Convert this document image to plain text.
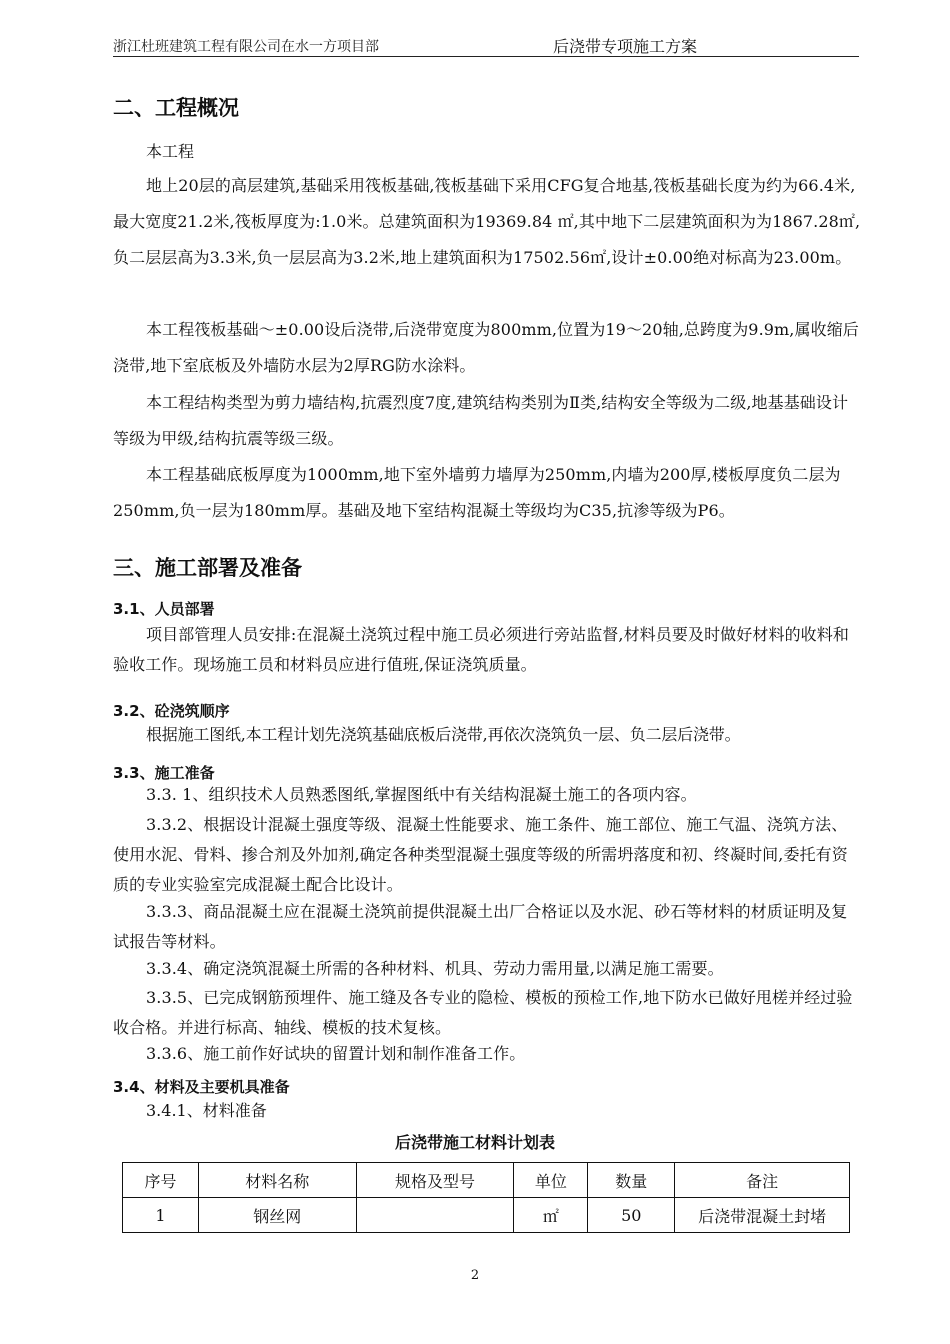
浙江杜班建筑工程有限公司在水一方项目部	后浇带专项施工方案
二、工程概况
本工程
地上20层的高层建筑,基础采用筏板基础,筏板基础下采用CFG复合地基,筏板基础长度为约为66.4米,最大宽度21.2米,筏板厚度为:1.0米。总建筑面积为19369.84 ㎡,其中地下二层建筑面积为为1867.28㎡,负二层层高为3.3米,负一层层高为3.2米,地上建筑面积为17502.56㎡,设计±0.00绝对标高为23.00m。
本工程筏板基础～±0.00设后浇带,后浇带宽度为800mm,位置为19～20轴,总跨度为9.9m,属收缩后浇带,地下室底板及外墙防水层为2厚RG防水涂料。
本工程结构类型为剪力墙结构,抗震烈度7度,建筑结构类别为Ⅱ类,结构安全等级为二级,地基基础设计等级为甲级,结构抗震等级三级。
本工程基础底板厚度为1000mm,地下室外墙剪力墙厚为250mm,内墙为200厚,楼板厚度负二层为250mm,负一层为180mm厚。基础及地下室结构混凝土等级均为C35,抗渗等级为P6。
三、施工部署及准备
3.1、人员部署
项目部管理人员安排:在混凝土浇筑过程中施工员必须进行旁站监督,材料员要及时做好材料的收料和验收工作。现场施工员和材料员应进行值班,保证浇筑质量。
3.2、砼浇筑顺序
根据施工图纸,本工程计划先浇筑基础底板后浇带,再依次浇筑负一层、负二层后浇带。
3.3、施工准备
3.3. 1、组织技术人员熟悉图纸,掌握图纸中有关结构混凝土施工的各项内容。
3.3.2、根据设计混凝土强度等级、混凝土性能要求、施工条件、施工部位、施工气温、浇筑方法、使用水泥、骨料、掺合剂及外加剂,确定各种类型混凝土强度等级的所需坍落度和初、终凝时间,委托有资质的专业实验室完成混凝土配合比设计。
3.3.3、商品混凝土应在混凝土浇筑前提供混凝土出厂合格证以及水泥、砂石等材料的材质证明及复试报告等材料。
3.3.4、确定浇筑混凝土所需的各种材料、机具、劳动力需用量,以满足施工需要。
3.3.5、已完成钢筋预埋件、施工缝及各专业的隐检、模板的预检工作,地下防水已做好甩槎并经过验收合格。并进行标高、轴线、模板的技术复核。
3.3.6、施工前作好试块的留置计划和制作准备工作。
3.4、材料及主要机具准备
3.4.1、材料准备
后浇带施工材料计划表
序号	材料名称	规格及型号	单位	数量	备注
1	钢丝网		㎡	50	后浇带混凝土封堵
2
